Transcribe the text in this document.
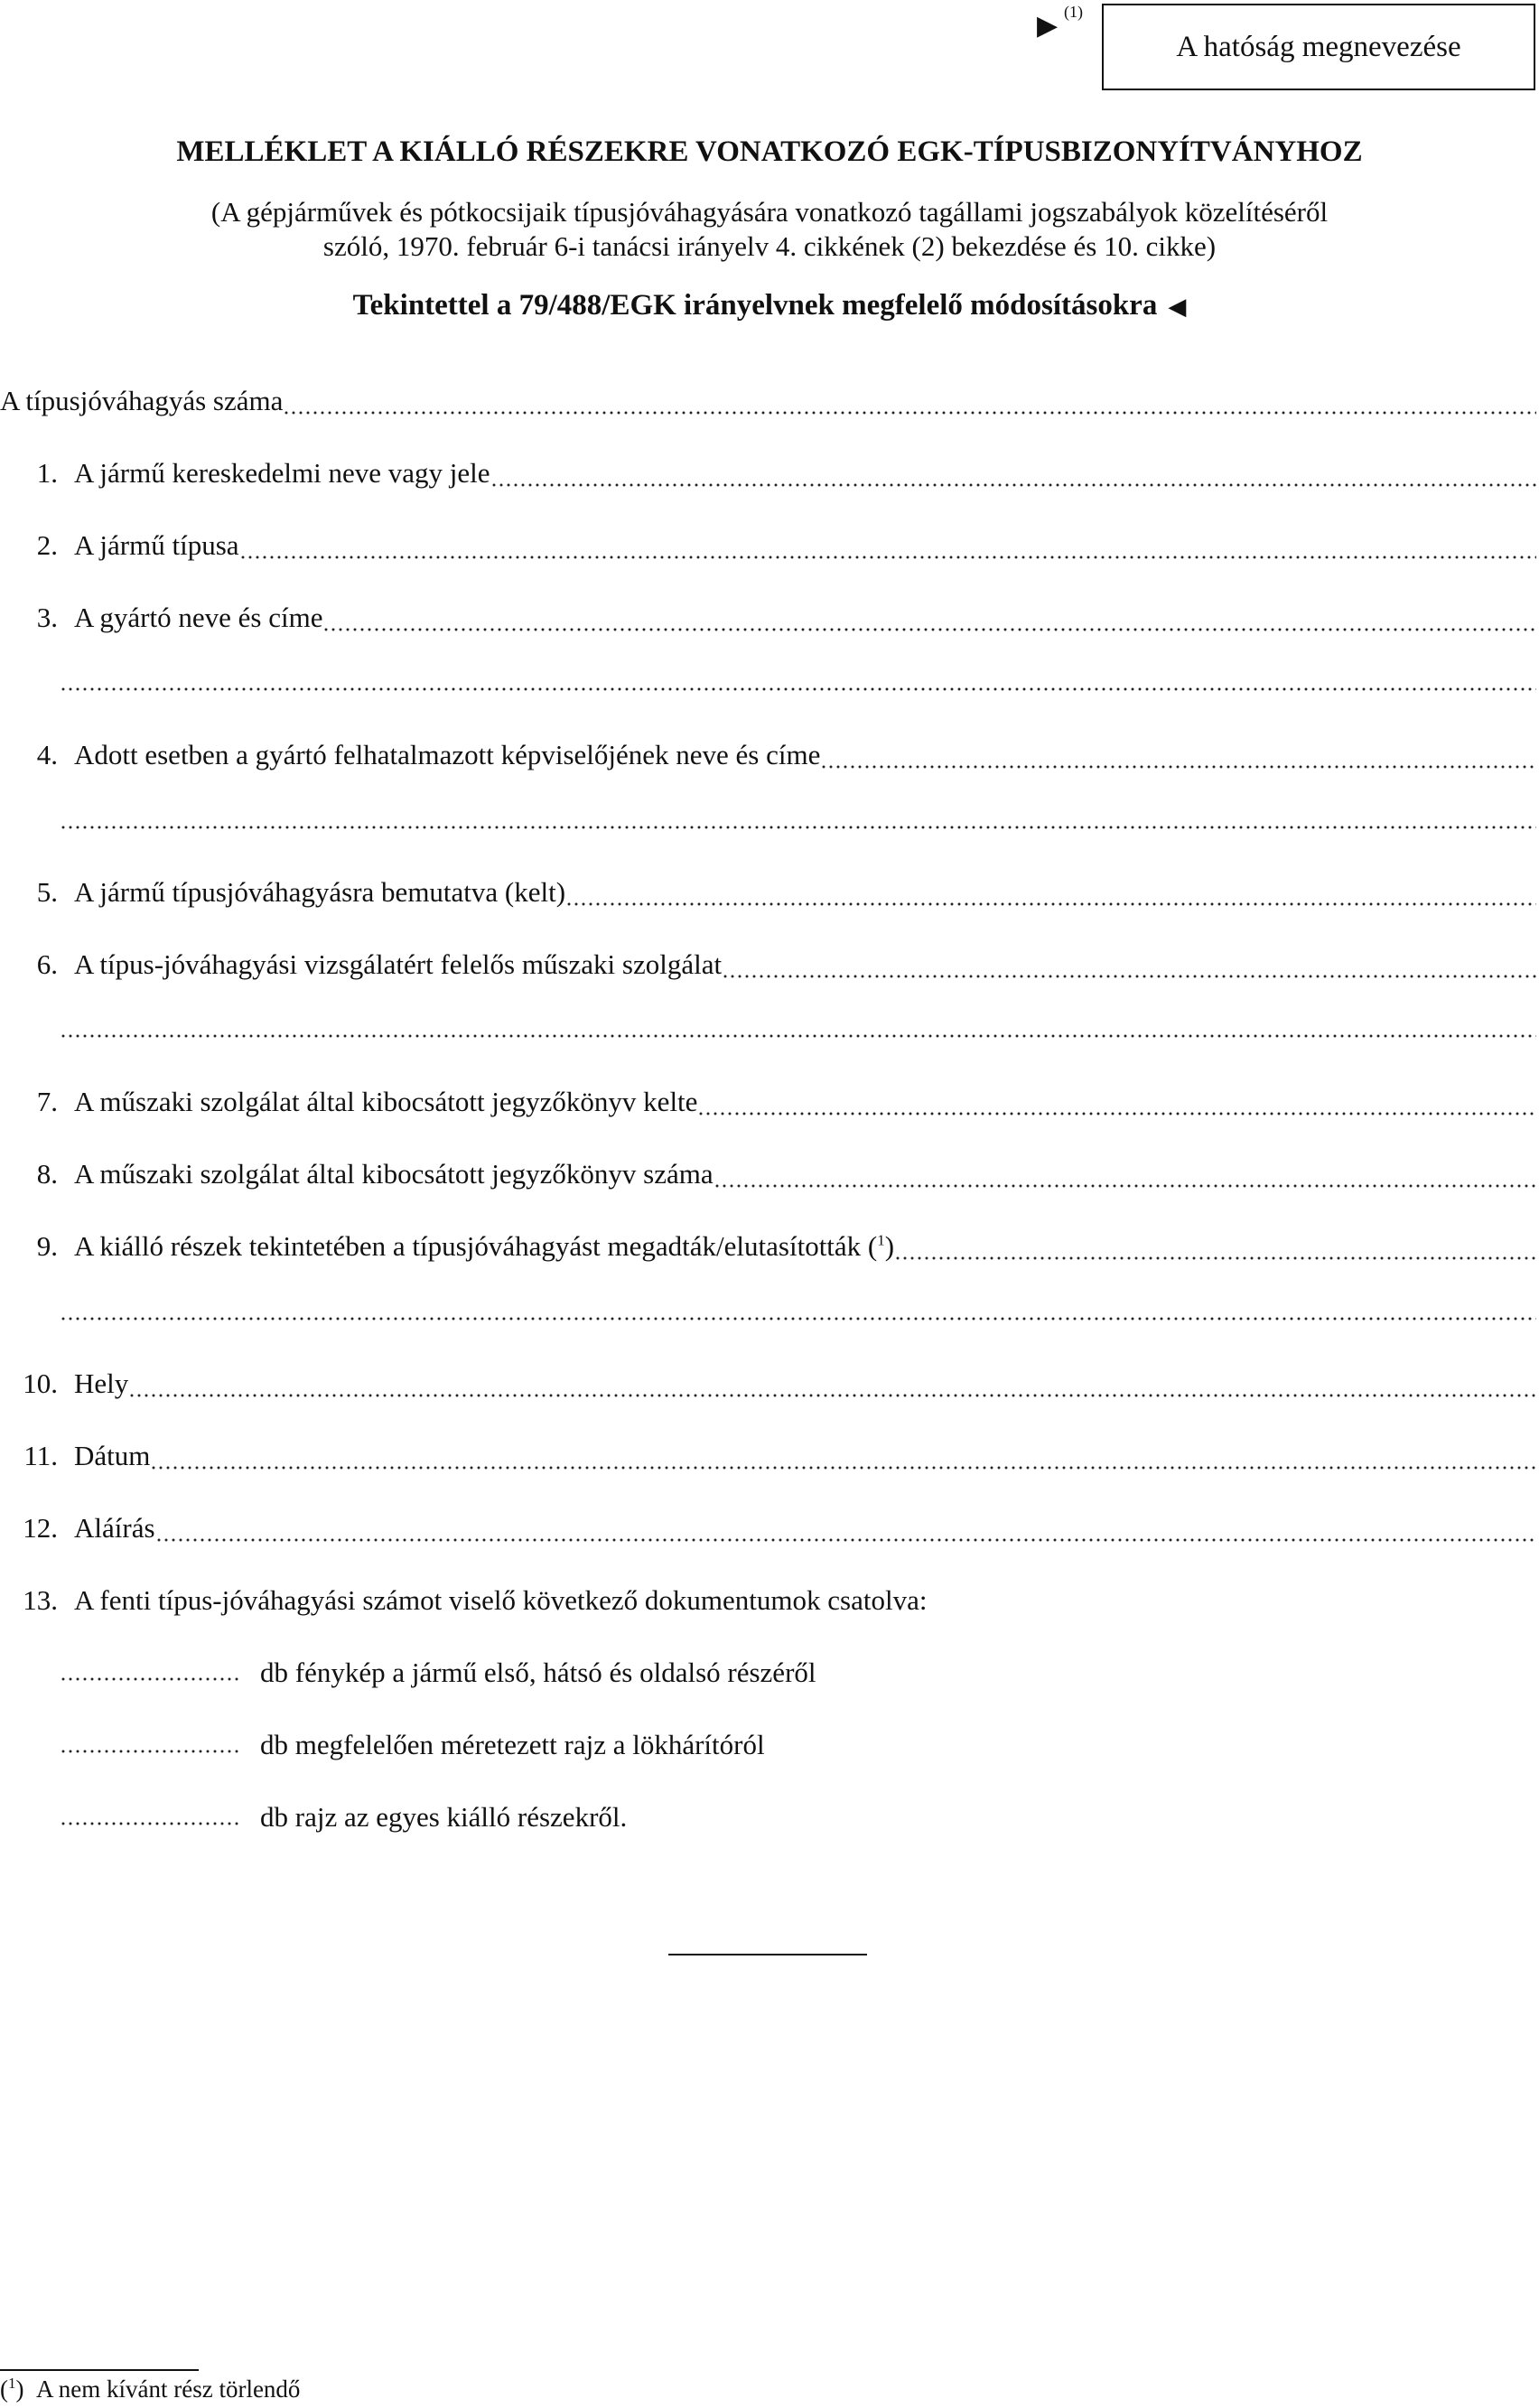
▶ (1)
A hatóság megnevezése
MELLÉKLET A KIÁLLÓ RÉSZEKRE VONATKOZÓ EGK-TÍPUSBIZONYÍTVÁNYHOZ
(A gépjárművek és pótkocsijaik típusjóváhagyására vonatkozó tagállami jogszabályok közelítéséről
szóló, 1970. február 6-i tanácsi irányelv 4. cikkének (2) bekezdése és 10. cikke)
Tekintettel a 79/488/EGK irányelvnek megfelelő módosításokra ◀
A típusjóváhagyás száma
1. A jármű kereskedelmi neve vagy jele
2. A jármű típusa
3. A gyártó neve és címe
4. Adott esetben a gyártó felhatalmazott képviselőjének neve és címe
5. A jármű típusjóváhagyásra bemutatva (kelt)
6. A típus-jóváhagyási vizsgálatért felelős műszaki szolgálat
7. A műszaki szolgálat által kibocsátott jegyzőkönyv kelte
8. A műszaki szolgálat által kibocsátott jegyzőkönyv száma
9. A kiálló részek tekintetében a típusjóváhagyást megadták/elutasították ($^1$)
10. Hely
11. Dátum
12. Aláírás
13. A fenti típus-jóváhagyási számot viselő következő dokumentumok csatolva:
db fénykép a jármű első, hátsó és oldalsó részéről
db megfelelően méretezett rajz a lökhárítóról
db rajz az egyes kiálló részekről.
($^1$)  A nem kívánt rész törlendő
